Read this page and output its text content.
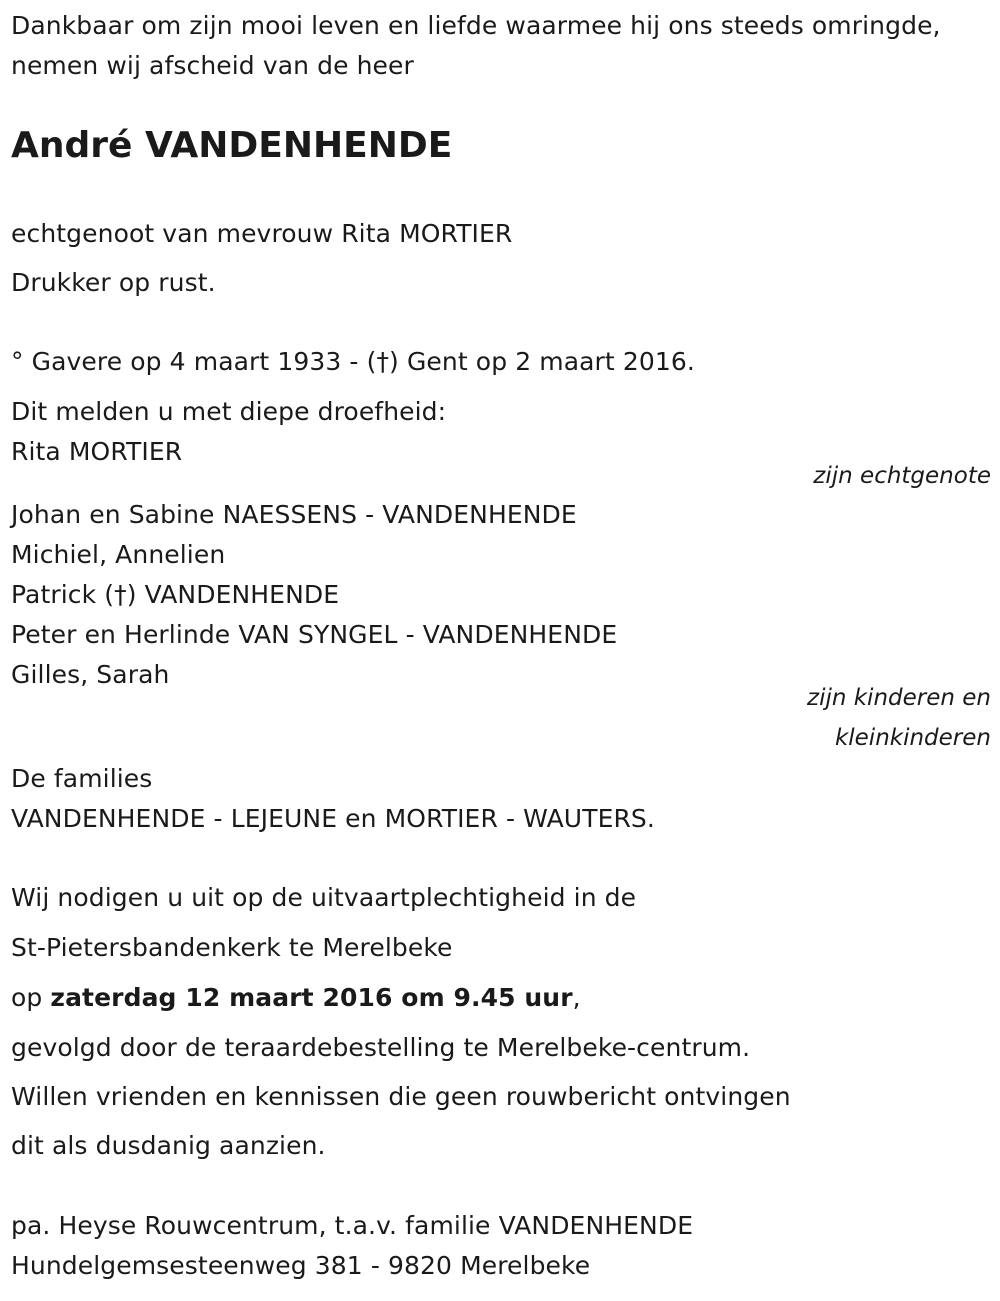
Dankbaar om zijn mooi leven en liefde waarmee hij ons steeds omringde,
nemen wij afscheid van de heer
André VANDENHENDE
echtgenoot van mevrouw Rita MORTIER
Drukker op rust.
° Gavere op 4 maart 1933 - (†) Gent op 2 maart 2016.
Dit melden u met diepe droefheid:
Rita MORTIER
zijn echtgenote
Johan en Sabine NAESSENS - VANDENHENDE
Michiel, Annelien
Patrick (†) VANDENHENDE
Peter en Herlinde VAN SYNGEL - VANDENHENDE
Gilles, Sarah
zijn kinderen en
kleinkinderen
De families
VANDENHENDE - LEJEUNE en MORTIER - WAUTERS.
Wij nodigen u uit op de uitvaartplechtigheid in de
St-Pietersbandenkerk te Merelbeke
op zaterdag 12 maart 2016 om 9.45 uur,
gevolgd door de teraardebestelling te Merelbeke-centrum.
Willen vrienden en kennissen die geen rouwbericht ontvingen
dit als dusdanig aanzien.
pa. Heyse Rouwcentrum, t.a.v. familie VANDENHENDE
Hundelgemsesteenweg 381 - 9820 Merelbeke
